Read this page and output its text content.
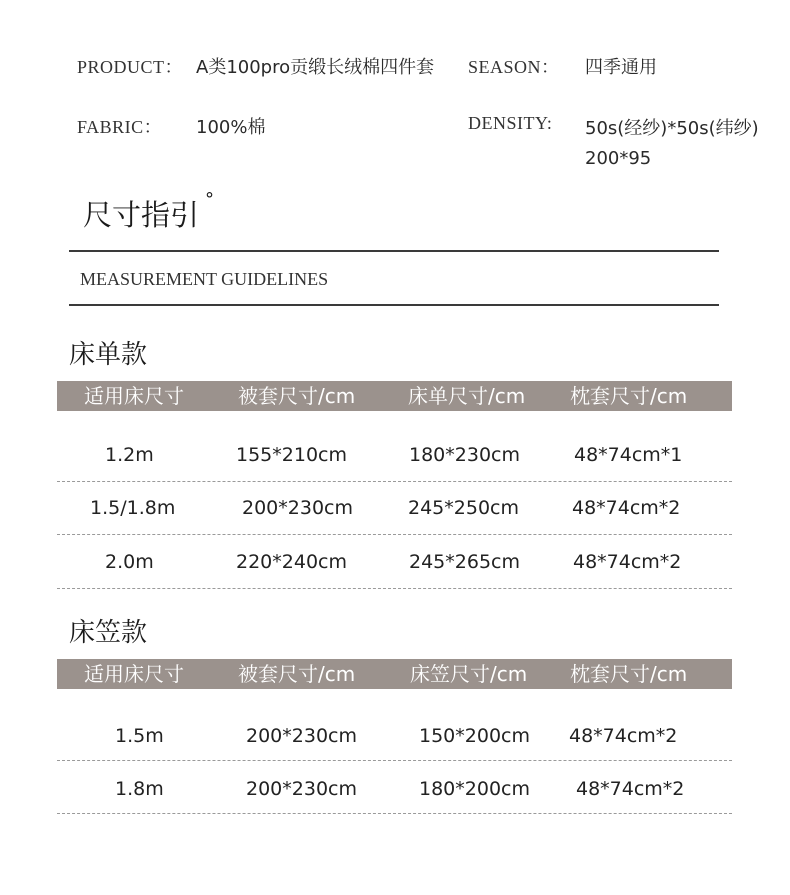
PRODUCT： A类100pro贡缎长绒棉四件套 SEASON： 四季通用
FABRIC： 100%棉	DENSITY: 50s(经纱)*50s(纬纱)
200*95
尺寸指引 °
MEASUREMENT GUIDELINES
床单款
适用床尺寸	被套尺寸/cm	床单尺寸/cm 枕套尺寸/cm
1.2m	155*210cm	180*230cm	48*74cm*1
1.5/1.8m	200*230cm	245*250cm	48*74cm*2
2.0m	220*240cm	245*265cm	48*74cm*2
床笠款
适用床尺寸	被套尺寸/cm	床笠尺寸/cm 枕套尺寸/cm
1.5m	200*230cm	150*200cm 48*74cm*2
1.8m	200*230cm	180*200cm 48*74cm*2
